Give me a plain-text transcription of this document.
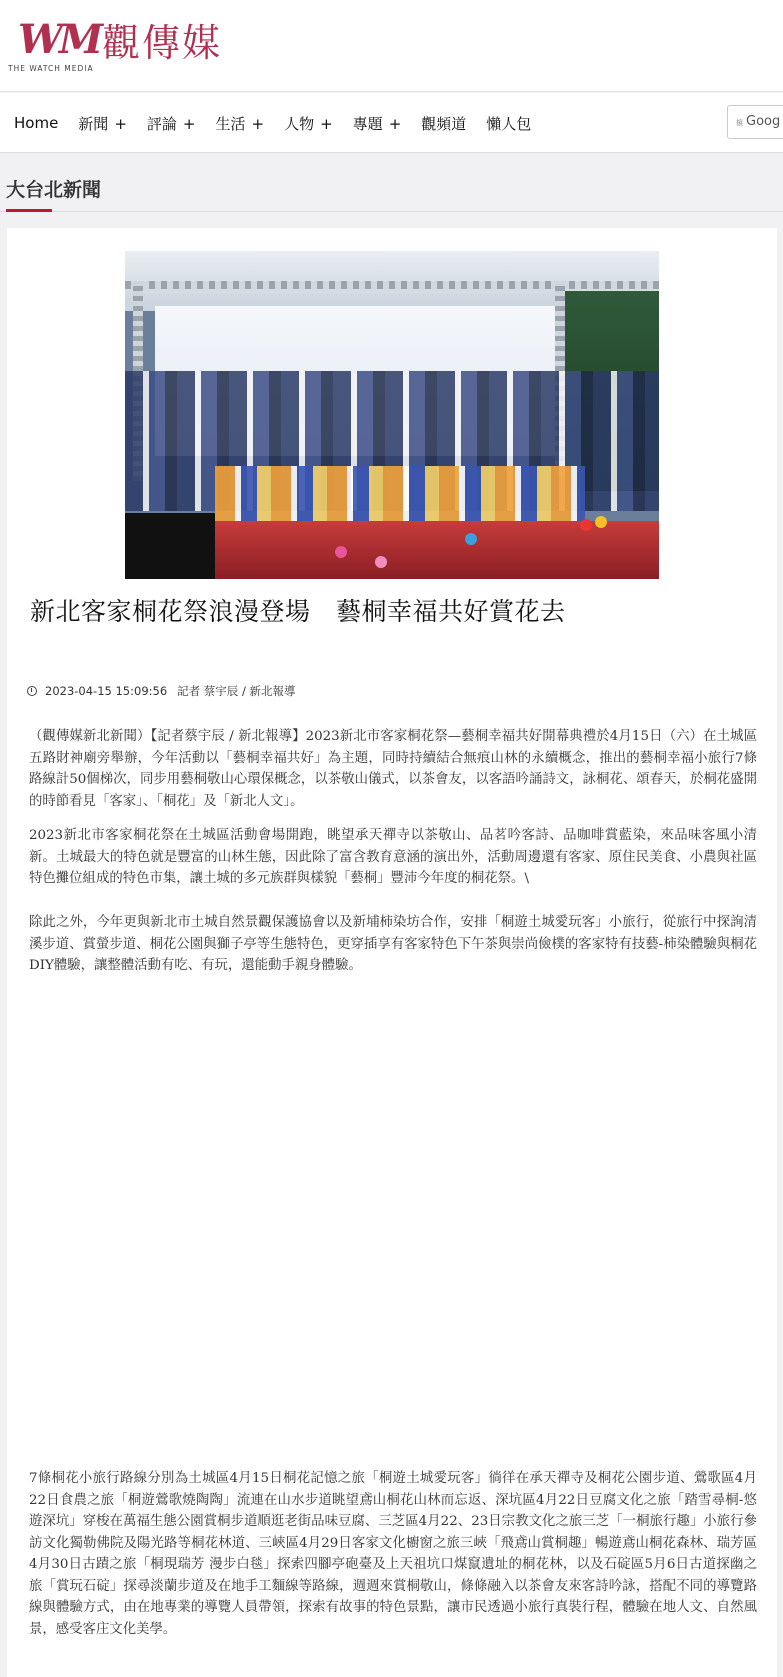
WM
THE WATCH MEDIA
觀傳媒
Home 新聞 + 評論 + 生活 + 人物 + 專題 + 觀頻道 懶人包	㯽 Goog
大台北新聞
新北客家桐花祭浪漫登場　藝桐幸福共好賞花去
2023-04-15 15:09:56 記者 蔡宇辰 / 新北報導

（觀傳媒新北新聞）【記者蔡宇辰 / 新北報導】2023新北市客家桐花祭—藝桐幸福共好開幕典禮於4月15日（六）在土城區五路財神廟旁舉辦，今年活動以「藝桐幸福共好」為主題，同時持續結合無痕山林的永續概念，推出的藝桐幸福小旅行7條路線計50個梯次，同步用藝桐敬山心環保概念，以茶敬山儀式，以茶會友，以客語吟誦詩文，詠桐花、頌春天，於桐花盛開的時節看見「客家」、「桐花」及「新北人文」。

2023新北市客家桐花祭在土城區活動會場開跑，眺望承天禪寺以茶敬山、品茗吟客詩、品咖啡賞藍染，來品味客風小清新。土城最大的特色就是豐富的山林生態，因此除了富含教育意涵的演出外，活動周邊還有客家、原住民美食、小農與社區特色攤位組成的特色市集，讓土城的多元族群與樣貌「藝桐」豐沛今年度的桐花祭。\

除此之外，今年更與新北市土城自然景觀保護協會以及新埔柿染坊合作，安排「桐遊土城愛玩客」小旅行，從旅行中探詢清溪步道、賞螢步道、桐花公園與獅子亭等生態特色，更穿插享有客家特色下午茶與崇尚儉樸的客家特有技藝-柿染體驗與桐花DIY體驗，讓整體活動有吃、有玩，還能動手親身體驗。

7條桐花小旅行路線分別為土城區4月15日桐花記憶之旅「桐遊土城愛玩客」徜徉在承天禪寺及桐花公園步道、鶯歌區4月22日食農之旅「桐遊鶯歌燒陶陶」流連在山水步道眺望鳶山桐花山林而忘返、深坑區4月22日豆腐文化之旅「踏雪尋桐-悠遊深坑」穿梭在萬福生態公園賞桐步道順逛老街品味豆腐、三芝區4月22、23日宗教文化之旅三芝「一桐旅行趣」小旅行參訪文化獨勒佛院及陽光路等桐花林道、三峽區4月29日客家文化櫥窗之旅三峽「飛鳶山賞桐趣」暢遊鳶山桐花森林、瑞芳區4月30日古蹟之旅「桐現瑞芳 漫步白毯」探索四腳亭砲臺及上天祖坑口煤竄遺址的桐花林，以及石碇區5月6日古道探幽之旅「賞玩石碇」探尋淡蘭步道及在地手工麵線等路線，週週來賞桐敬山，條條融入以茶會友來客詩吟詠，搭配不同的導覽路線與體驗方式，由在地專業的導覽人員帶領，探索有故事的特色景點，讓市民透過小旅行真裝行程，體驗在地人文、自然風景，感受客庄文化美學。
